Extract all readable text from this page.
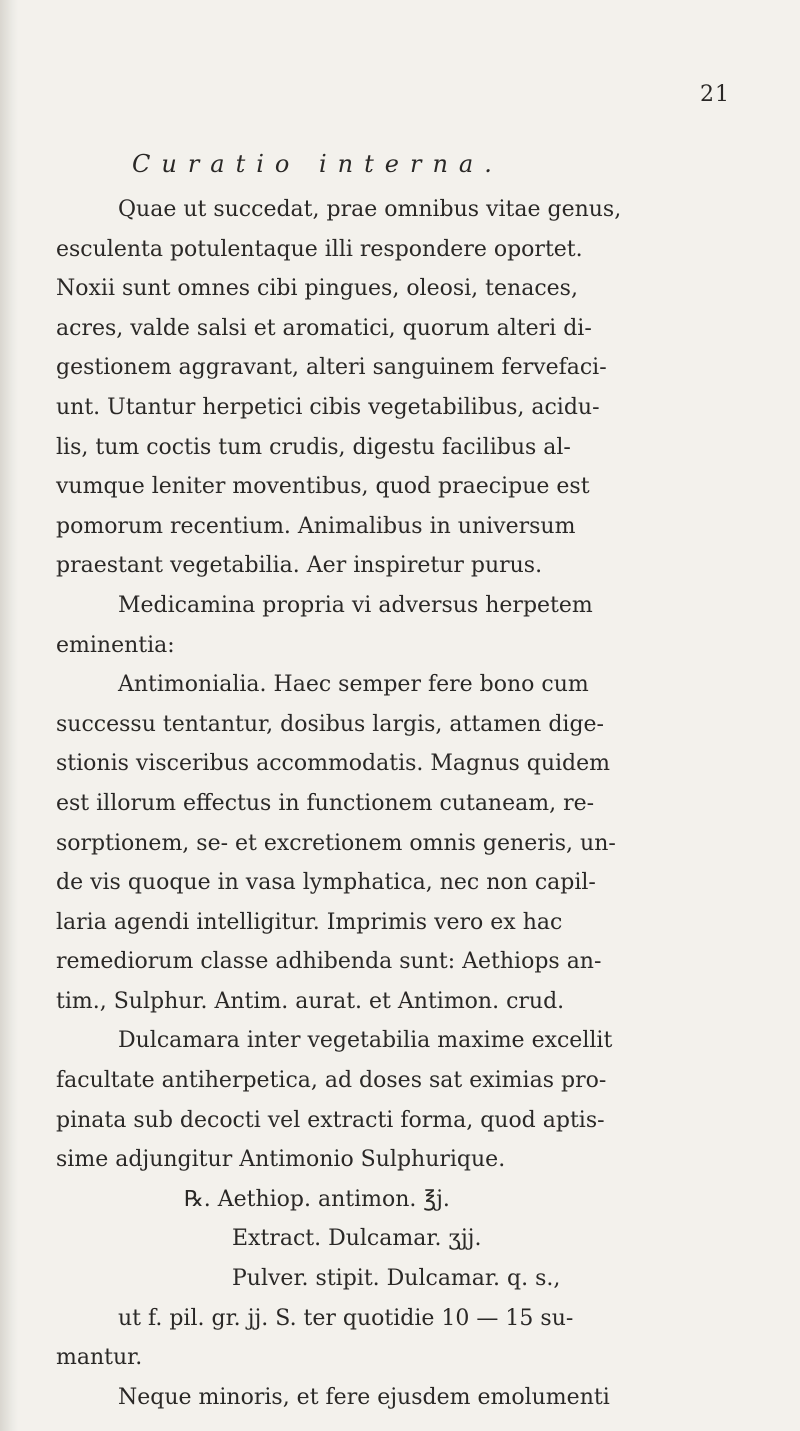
21
Curatio interna.
Quae ut succedat, prae omnibus vitae genus,
esculenta potulentaque illi respondere oportet.
Noxii sunt omnes cibi pingues, oleosi, tenaces,
acres, valde salsi et aromatici, quorum alteri di-
gestionem aggravant, alteri sanguinem fervefaci-
unt. Utantur herpetici cibis vegetabilibus, acidu-
lis, tum coctis tum crudis, digestu facilibus al-
vumque leniter moventibus, quod praecipue est
pomorum recentium. Animalibus in universum
praestant vegetabilia. Aer inspiretur purus.
Medicamina propria vi adversus herpetem
eminentia:
Antimonialia. Haec semper fere bono cum
successu tentantur, dosibus largis, attamen dige-
stionis visceribus accommodatis. Magnus quidem
est illorum effectus in functionem cutaneam, re-
sorptionem, se- et excretionem omnis generis, un-
de vis quoque in vasa lymphatica, nec non capil-
laria agendi intelligitur. Imprimis vero ex hac
remediorum classe adhibenda sunt: Aethiops an-
tim., Sulphur. Antim. aurat. et Antimon. crud.
Dulcamara inter vegetabilia maxime excellit
facultate antiherpetica, ad doses sat eximias pro-
pinata sub decocti vel extracti forma, quod aptis-
sime adjungitur Antimonio Sulphurique.
℞. Aethiop. antimon. ℥j.
Extract. Dulcamar. ʒjj.
Pulver. stipit. Dulcamar. q. s.,
ut f. pil. gr. jj. S. ter quotidie 10 — 15 su-
mantur.
Neque minoris, et fere ejusdem emolumenti
